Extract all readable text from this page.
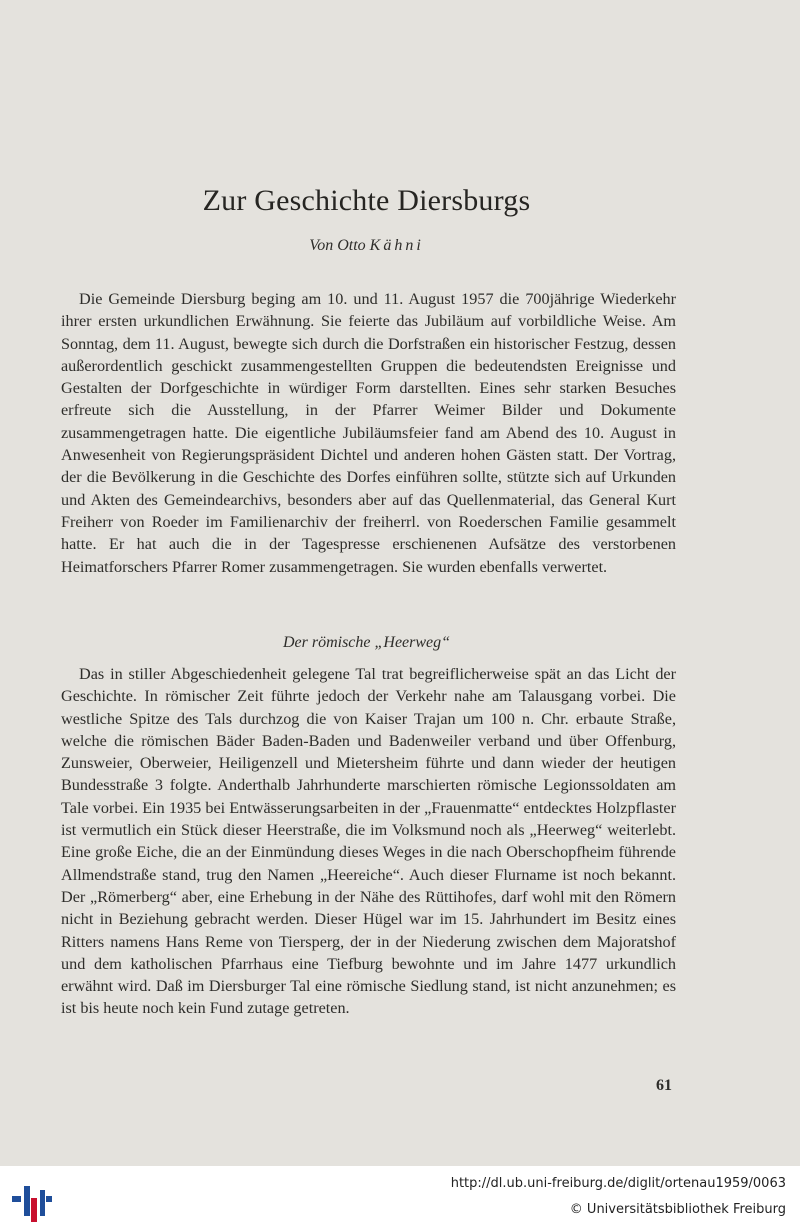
Zur Geschichte Diersburgs

Von Otto Kähni

Die Gemeinde Diersburg beging am 10. und 11. August 1957 die 700jährige Wiederkehr ihrer ersten urkundlichen Erwähnung. Sie feierte das Jubiläum auf vorbildliche Weise. Am Sonntag, dem 11. August, bewegte sich durch die Dorfstraßen ein historischer Festzug, dessen außerordentlich geschickt zusammengestellten Gruppen die bedeutendsten Ereignisse und Gestalten der Dorfgeschichte in würdiger Form darstellten. Eines sehr starken Besuches erfreute sich die Ausstellung, in der Pfarrer Weimer Bilder und Dokumente zusammengetragen hatte. Die eigentliche Jubiläumsfeier fand am Abend des 10. August in Anwesenheit von Regierungspräsident Dichtel und anderen hohen Gästen statt. Der Vortrag, der die Bevölkerung in die Geschichte des Dorfes einführen sollte, stützte sich auf Urkunden und Akten des Gemeindearchivs, besonders aber auf das Quellenmaterial, das General Kurt Freiherr von Roeder im Familienarchiv der freiherrl. von Roederschen Familie gesammelt hatte. Er hat auch die in der Tagespresse erschienenen Aufsätze des verstorbenen Heimatforschers Pfarrer Romer zusammengetragen. Sie wurden ebenfalls verwertet.

Der römische „Heerweg“

Das in stiller Abgeschiedenheit gelegene Tal trat begreiflicherweise spät an das Licht der Geschichte. In römischer Zeit führte jedoch der Verkehr nahe am Talausgang vorbei. Die westliche Spitze des Tals durchzog die von Kaiser Trajan um 100 n. Chr. erbaute Straße, welche die römischen Bäder Baden-Baden und Badenweiler verband und über Offenburg, Zunsweier, Oberweier, Heiligenzell und Mietersheim führte und dann wieder der heutigen Bundesstraße 3 folgte. Anderthalb Jahrhunderte marschierten römische Legionssoldaten am Tale vorbei. Ein 1935 bei Entwässerungsarbeiten in der „Frauenmatte“ entdecktes Holzpflaster ist vermutlich ein Stück dieser Heerstraße, die im Volksmund noch als „Heerweg“ weiterlebt. Eine große Eiche, die an der Einmündung dieses Weges in die nach Oberschopfheim führende Allmendstraße stand, trug den Namen „Heereiche“. Auch dieser Flurname ist noch bekannt. Der „Römerberg“ aber, eine Erhebung in der Nähe des Rüttihofes, darf wohl mit den Römern nicht in Beziehung gebracht werden. Dieser Hügel war im 15. Jahrhundert im Besitz eines Ritters namens Hans Reme von Tiersperg, der in der Niederung zwischen dem Majoratshof und dem katholischen Pfarrhaus eine Tiefburg bewohnte und im Jahre 1477 urkundlich erwähnt wird. Daß im Diersburger Tal eine römische Siedlung stand, ist nicht anzunehmen; es ist bis heute noch kein Fund zutage getreten.

61
http://dl.ub.uni-freiburg.de/diglit/ortenau1959/0063
© Universitätsbibliothek Freiburg
